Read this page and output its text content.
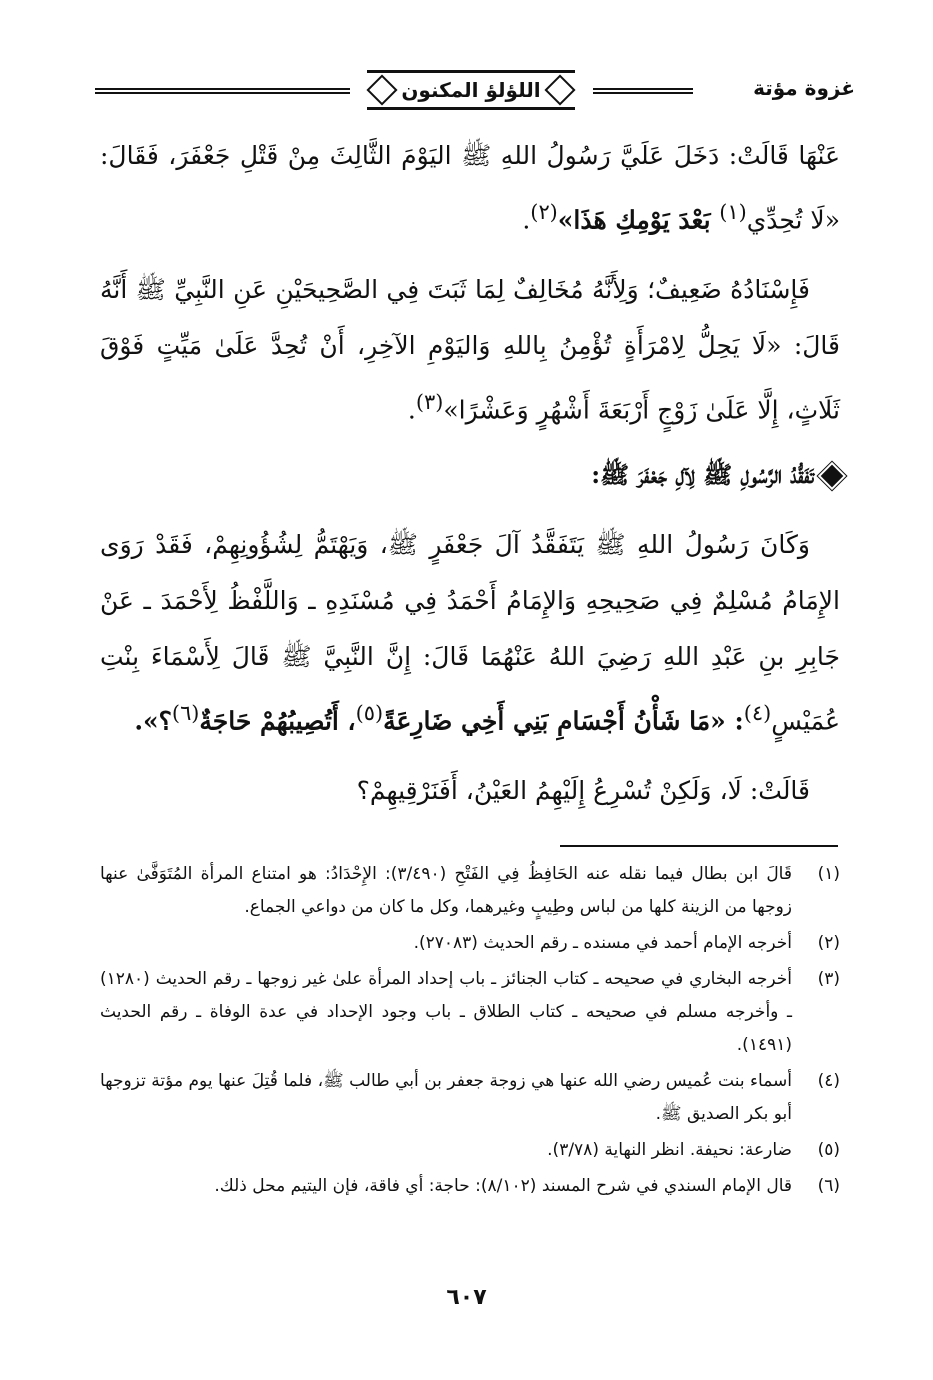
اللؤلؤ المكنون	غزوة مؤتة

عَنْهَا قَالَتْ: دَخَلَ عَلَيَّ رَسُولُ اللهِ ﷺ اليَوْمَ الثَّالِثَ مِنْ قَتْلِ جَعْفَرَ، فَقَالَ: «لَا تُحِدِّي$^{(١)}$ بَعْدَ يَوْمِكِ هَذَا»$^{(٢)}$.

فَإِسْنَادُهُ ضَعِيفٌ؛ وَلِأَنَّهُ مُخَالِفٌ لِمَا ثَبَتَ فِي الصَّحِيحَيْنِ عَنِ النَّبِيِّ ﷺ أَنَّهُ قَالَ: «لَا يَحِلُّ لِامْرَأَةٍ تُؤْمِنُ بِاللهِ وَاليَوْمِ الآخِرِ، أَنْ تُحِدَّ عَلَىٰ مَيِّتٍ فَوْقَ ثَلَاثٍ، إِلَّا عَلَىٰ زَوْجٍ أَرْبَعَةَ أَشْهُرٍ وَعَشْرًا»$^{(٣)}$.

تَفَقُّدُ الرَّسُولِ ﷺ لِآلِ جَعْفَرَ ﷺ:

وَكَانَ رَسُولُ اللهِ ﷺ يَتَفَقَّدُ آلَ جَعْفَرٍ ﷺ، وَيَهْتَمُّ لِشُؤُونِهِمْ، فَقَدْ رَوَى الإِمَامُ مُسْلِمٌ فِي صَحِيحِهِ وَالإِمَامُ أَحْمَدُ فِي مُسْنَدِهِ ـ وَاللَّفْظُ لِأَحْمَدَ ـ عَنْ جَابِرِ بنِ عَبْدِ اللهِ رَضِيَ اللهُ عَنْهُمَا قَالَ: إِنَّ النَّبِيَّ ﷺ قَالَ لِأَسْمَاءَ بِنْتِ عُمَيْسٍ$^{(٤)}$: «مَا شَأْنُ أَجْسَامِ بَنِي أَخِي ضَارِعَةً$^{(٥)}$، أَتُصِيبُهُمْ حَاجَةٌ$^{(٦)}$؟».

قَالَتْ: لَا، وَلَكِنْ تُسْرِعُ إِلَيْهِمُ العَيْنُ، أَفَنَرْقِيهِمْ؟

(١)
قَالَ ابن بطال فيما نقله عنه الحَافِظُ فِي الفَتْحِ (٣/٤٩٠): الإِحْدَادُ: هو امتناع المرأة المُتَوَفَّىٰ عنها زوجها من الزينة كلها من لباس وطِيبٍ وغيرهما، وكل ما كان من دواعي الجماع.
(٢)
أخرجه الإمام أحمد في مسنده ـ رقم الحديث (٢٧٠٨٣).
(٣)
أخرجه البخاري في صحيحه ـ كتاب الجنائز ـ باب إحداد المرأة علىٰ غير زوجها ـ رقم الحديث (١٢٨٠) ـ وأخرجه مسلم في صحيحه ـ كتاب الطلاق ـ باب وجود الإحداد في عدة الوفاة ـ رقم الحديث (١٤٩١).
(٤)
أسماء بنت عُميس رضي الله عنها هي زوجة جعفر بن أبي طالب ﷺ، فلما قُتِلَ عنها يوم مؤتة تزوجها أبو بكر الصديق ﷺ.
(٥)
ضارعة: نحيفة. انظر النهاية (٣/٧٨).
(٦)
قال الإمام السندي في شرح المسند (٨/١٠٢): حاجة: أي فاقة، فإن اليتيم محل ذلك.
٦٠٧
